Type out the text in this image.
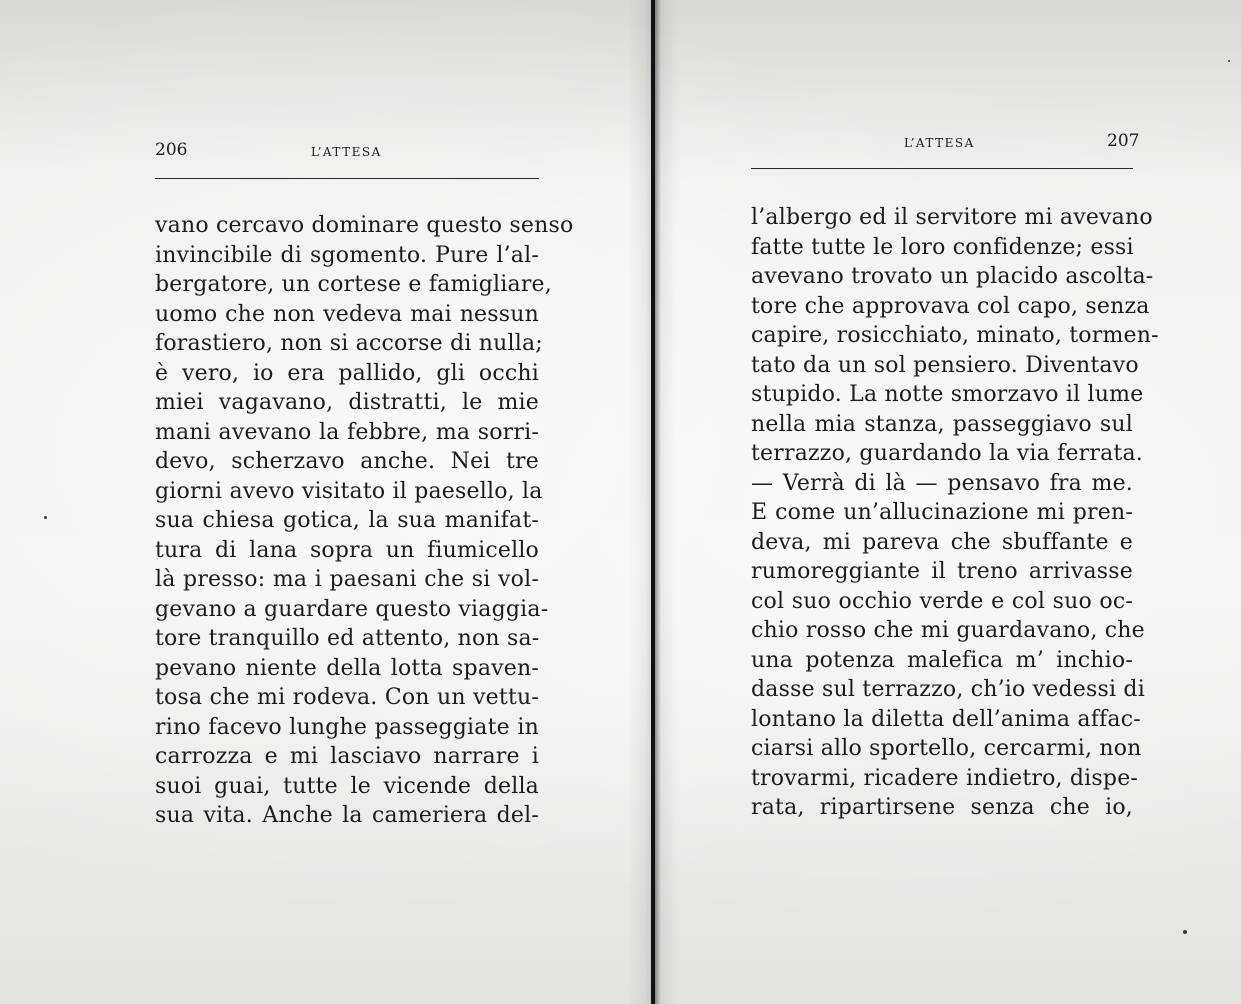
206	L’ATTESA
vano cercavo dominare questo senso
invincibile di sgomento. Pure l’al-
bergatore, un cortese e famigliare,
uomo che non vedeva mai nessun
forastiero, non si accorse di nulla;
è vero, io era pallido, gli occhi
miei vagavano, distratti, le mie
mani avevano la febbre, ma sorri-
devo, scherzavo anche. Nei tre
giorni avevo visitato il paesello, la
sua chiesa gotica, la sua manifat-
tura di lana sopra un fiumicello
là presso: ma i paesani che si vol-
gevano a guardare questo viaggia-
tore tranquillo ed attento, non sa-
pevano niente della lotta spaven-
tosa che mi rodeva. Con un vettu-
rino facevo lunghe passeggiate in
carrozza e mi lasciavo narrare i
suoi guai, tutte le vicende della
sua vita. Anche la cameriera del-
L’ATTESA	207
l’albergo ed il servitore mi avevano
fatte tutte le loro confidenze; essi
avevano trovato un placido ascolta-
tore che approvava col capo, senza
capire, rosicchiato, minato, tormen-
tato da un sol pensiero. Diventavo
stupido. La notte smorzavo il lume
nella mia stanza, passeggiavo sul
terrazzo, guardando la via ferrata.
— Verrà di là — pensavo fra me.
E come un’allucinazione mi pren-
deva, mi pareva che sbuffante e
rumoreggiante il treno arrivasse
col suo occhio verde e col suo oc-
chio rosso che mi guardavano, che
una potenza malefica m’ inchio-
dasse sul terrazzo, ch’io vedessi di
lontano la diletta dell’anima affac-
ciarsi allo sportello, cercarmi, non
trovarmi, ricadere indietro, dispe-
rata, ripartirsene senza che io,
